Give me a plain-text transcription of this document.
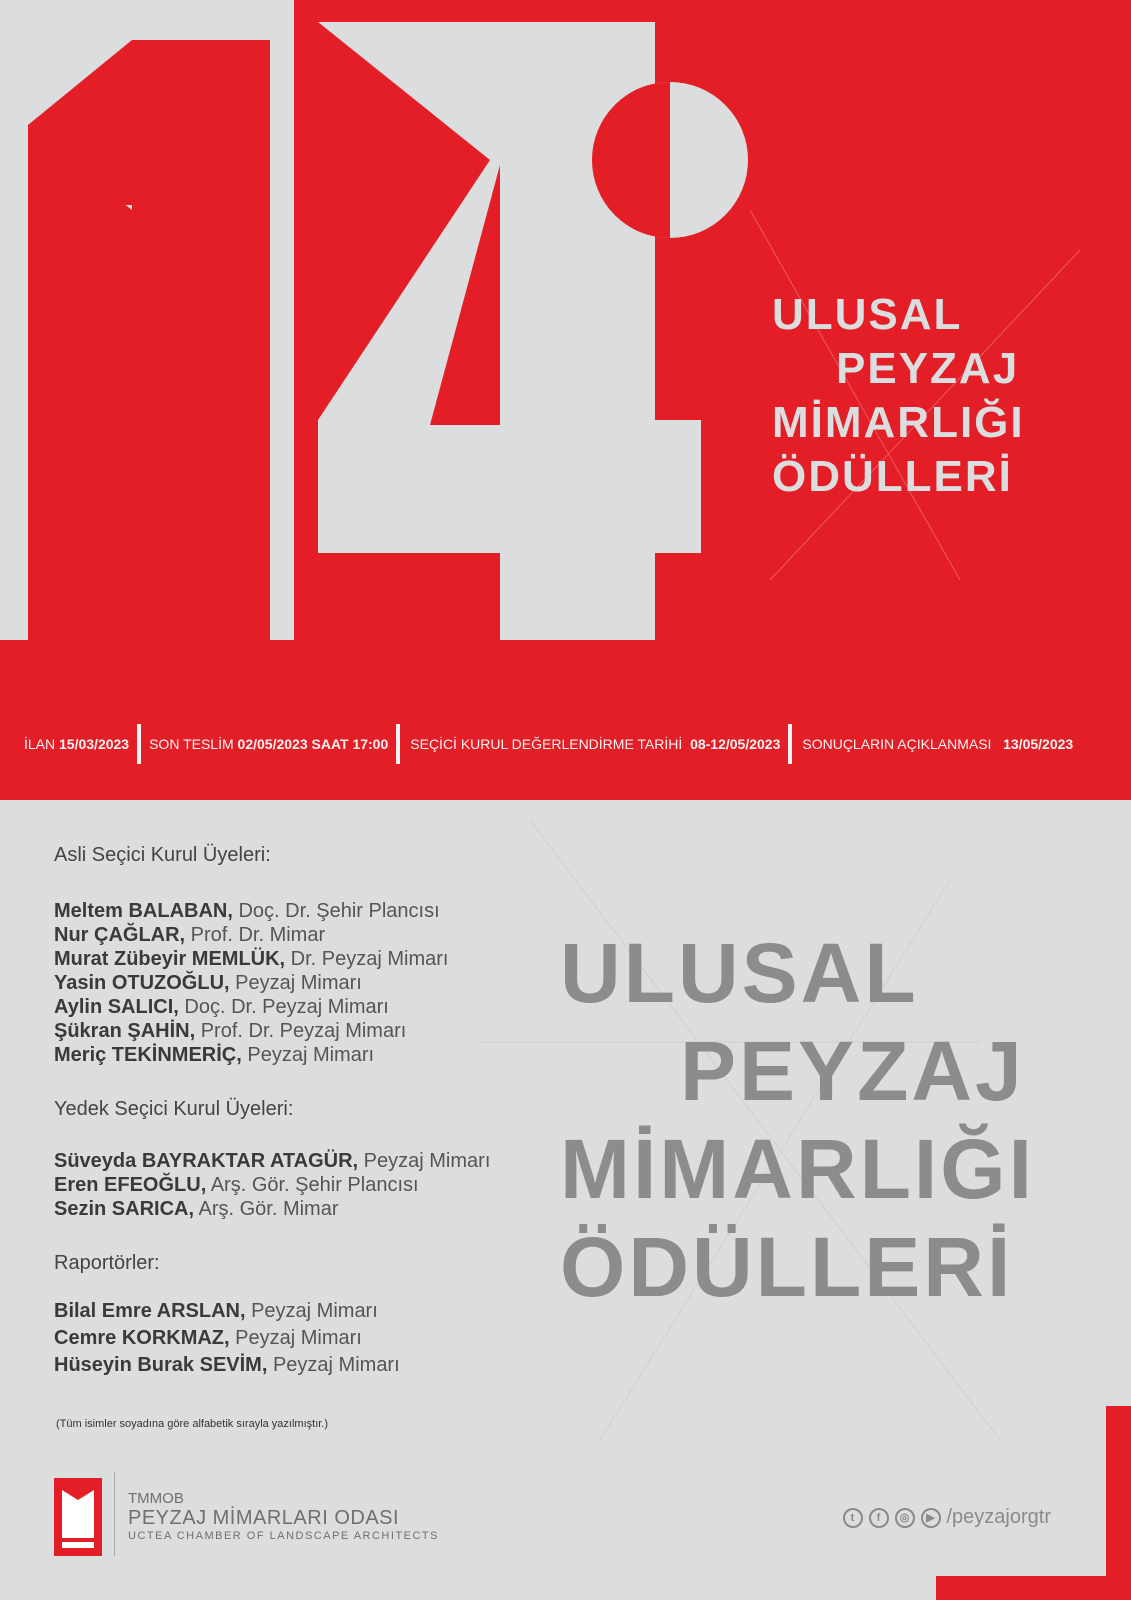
ULUSAL
PEYZAJ
MİMARLIĞI
ÖDÜLLERİ
İLAN 15/03/2023	SON TESLİM 02/05/2023 SAAT 17:00	SEÇİCİ KURUL DEĞERLENDİRME TARİHİ 08-12/05/2023	SONUÇLARIN AÇIKLANMASI 13/05/2023
Asli Seçici Kurul Üyeleri:
Meltem BALABAN, Doç. Dr. Şehir Plancısı
Nur ÇAĞLAR, Prof. Dr. Mimar
Murat Zübeyir MEMLÜK, Dr. Peyzaj Mimarı
Yasin OTUZOĞLU, Peyzaj Mimarı
Aylin SALICI, Doç. Dr. Peyzaj Mimarı
Şükran ŞAHİN, Prof. Dr. Peyzaj Mimarı
Meriç TEKİNMERİÇ, Peyzaj Mimarı
Yedek Seçici Kurul Üyeleri:
Süveyda BAYRAKTAR ATAGÜR, Peyzaj Mimarı
Eren EFEOĞLU, Arş. Gör. Şehir Plancısı
Sezin SARICA, Arş. Gör. Mimar
Raportörler:
Bilal Emre ARSLAN, Peyzaj Mimarı
Cemre KORKMAZ, Peyzaj Mimarı
Hüseyin Burak SEVİM, Peyzaj Mimarı
(Tüm isimler soyadına göre alfabetik sırayla yazılmıştır.)
ULUSAL
PEYZAJ
MİMARLIĞI
ÖDÜLLERİ
TMMOB
PEYZAJ MİMARLARI ODASI
UCTEA CHAMBER OF LANDSCAPE ARCHITECTS
t	f	◎	▶ /peyzajorgtr
